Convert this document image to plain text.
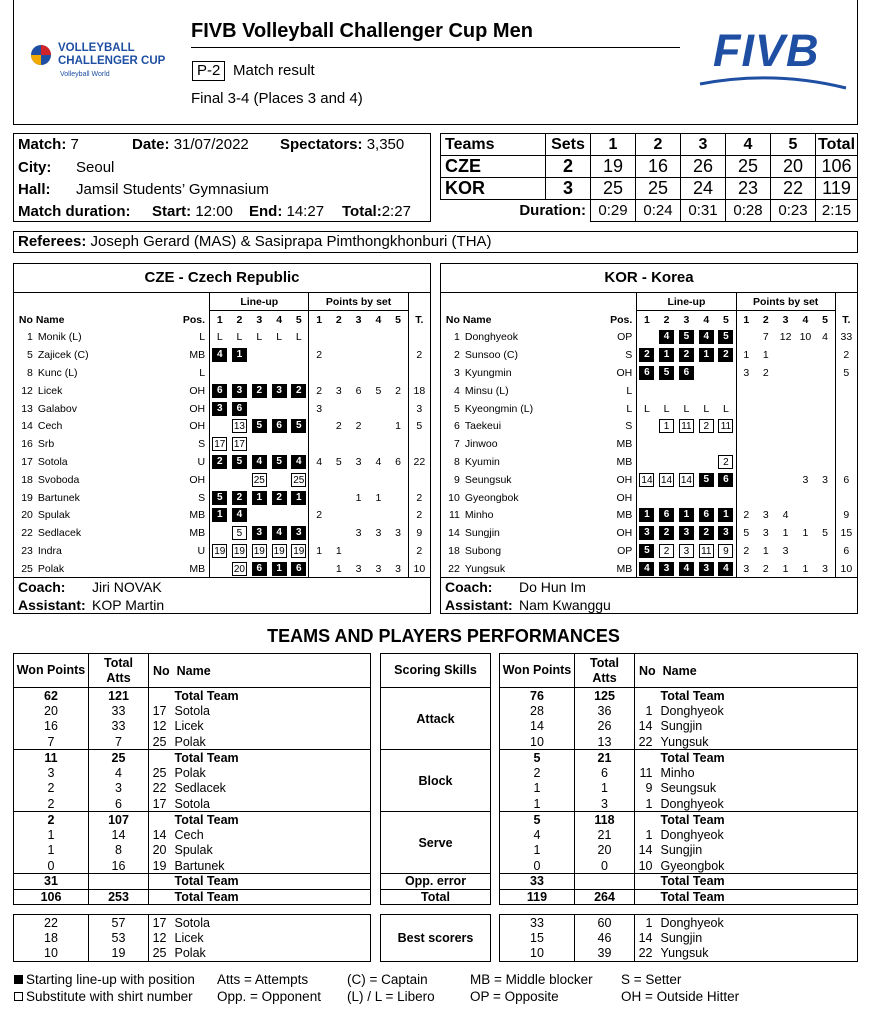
VOLLEYBALL
CHALLENGER CUP
Volleyball World
FIVB Volleyball Challenger Cup Men
P-2 Match result
Final 3-4 (Places 3 and 4)
FIVB
Match: 7	Date: 31/07/2022 Spectators: 3,350
City: Seoul
Hall: Jamsil Students’ Gymnasium
Match duration: Start: 12:00 End: 14:27 Total:2:27
Teams	Sets	1	2	3	4	5	Total
CZE	2	19	16	26	25	20	106
KOR	3	25	25	24	23	22	119
Duration:		0:29	0:24	0:31	0:28	0:23	2:15
Referees: Joseph Gerard (MAS) & Sasiprapa Pimthongkhonburi (THA)
CZE - Czech Republic
			Line-up					Points by set					
No	Name	Pos.	1	2	3	4	5	1	2	3	4	5	T.
1	Monik (L)	L	L	L	L	L	L						
5	Zajicek (C)	MB	4	1				2					2
8	Kunc (L)	L											
12	Licek	OH	6	3	2	3	2	2	3	6	5	2	18
13	Galabov	OH	3	6				3					3
14	Cech	OH		13	5	6	5		2	2		1	5
16	Srb	S	17	17									
17	Sotola	U	2	5	4	5	4	4	5	3	4	6	22
18	Svoboda	OH			25		25						
19	Bartunek	S	5	2	1	2	1			1	1		2
20	Spulak	MB	1	4				2					2
22	Sedlacek	MB		5	3	4	3			3	3	3	9
23	Indra	U	19	19	19	19	19	1	1				2
25	Polak	MB		20	6	1	6		1	3	3	3	10
Coach: Jiri NOVAK
Assistant: KOP Martin
KOR - Korea
			Line-up					Points by set					
No	Name	Pos.	1	2	3	4	5	1	2	3	4	5	T.
1	Donghyeok	OP		4	5	4	5		7	12	10	4	33
2	Sunsoo (C)	S	2	1	2	1	2	1	1				2
3	Kyungmin	OH	6	5	6			3	2				5
4	Minsu (L)	L											
5	Kyeongmin (L)	L	L	L	L	L	L						
6	Taekeui	S		1	11	2	11						
7	Jinwoo	MB											
8	Kyumin	MB					2						
9	Seungsuk	OH	14	14	14	5	6				3	3	6
10	Gyeongbok	OH											
11	Minho	MB	1	6	1	6	1	2	3	4			9
14	Sungjin	OH	3	2	3	2	3	5	3	1	1	5	15
18	Subong	OP	5	2	3	11	9	2	1	3			6
22	Yungsuk	MB	4	3	4	3	4	3	2	1	1	3	10
Coach: Do Hun Im
Assistant: Nam Kwanggu
TEAMS AND PLAYERS PERFORMANCES
Won Points	Total Atts	No Name	
62	121		Total Team
20	33	17	Sotola
16	33	12	Licek
7	7	25	Polak
11	25		Total Team
3	4	25	Polak
2	3	22	Sedlacek
2	6	17	Sotola
2	107		Total Team
1	14	14	Cech
1	8	20	Spulak
0	16	19	Bartunek
31			Total Team
106	253		Total Team

22	57	17	Sotola
18	53	12	Licek
10	19	25	Polak
Scoring Skills
Attack
Block
Serve
Opp. error
Total

Best scorers
Won Points	Total Atts	No Name	
76	125		Total Team
28	36	1	Donghyeok
14	26	14	Sungjin
10	13	22	Yungsuk
5	21		Total Team
2	6	11	Minho
1	1	9	Seungsuk
1	3	1	Donghyeok
5	118		Total Team
4	21	1	Donghyeok
1	20	14	Sungjin
0	0	10	Gyeongbok
33			Total Team
119	264		Total Team

33	60	1	Donghyeok
15	46	14	Sungjin
10	39	22	Yungsuk
Starting line-up with position Atts = Attempts	(C) = Captain	MB = Middle blocker S = Setter
Substitute with shirt number Opp. = Opponent (L) / L = Libero	OP = Opposite	OH = Outside Hitter
